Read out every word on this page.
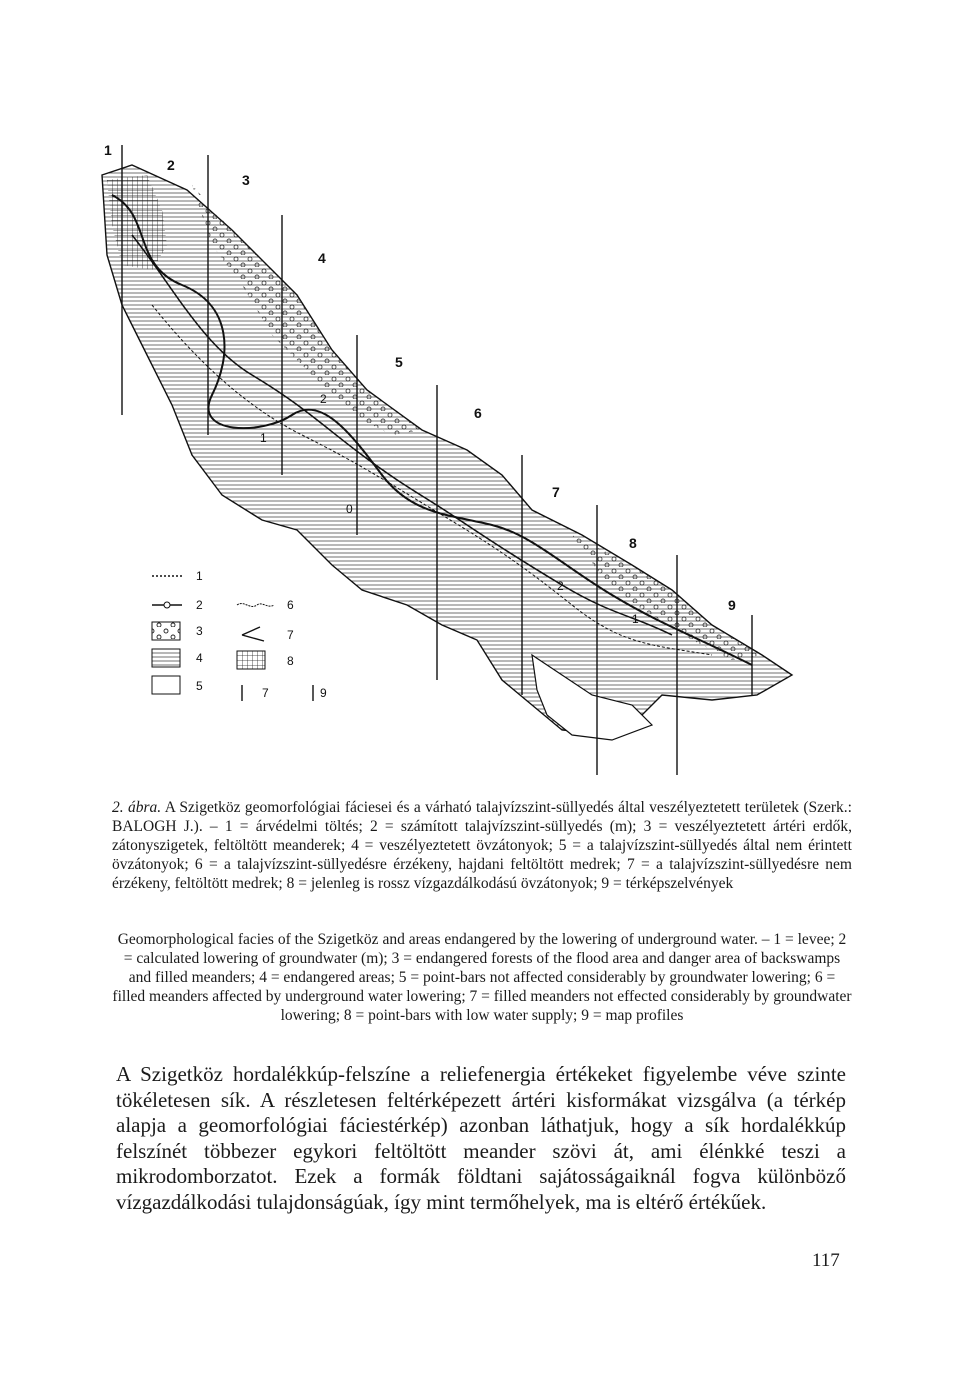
1
2
3
4
5
6
7
8
9
2
1
0
2
1
1
2
3
4
5
6
7
8
7	9
2. ábra. A Szigetköz geomorfológiai fáciesei és a várható talajvízszint-süllyedés által veszélyeztetett területek (Szerk.: BALOGH J.). – 1 = árvédelmi töltés; 2 = számított talajvízszint-süllyedés (m); 3 = veszélyeztetett ártéri erdők, zátonyszigetek, feltöltött meanderek; 4 = veszélyeztetett övzátonyok; 5 = a talajvízszint-süllyedés által nem érintett övzátonyok; 6 = a talajvízszint-süllyedésre érzékeny, hajdani feltöltött medrek; 7 = a talajvízszint-süllyedésre nem érzékeny, feltöltött medrek; 8 = jelenleg is rossz vízgazdálkodású övzátonyok; 9 = térképszelvények
Geomorphological facies of the Szigetköz and areas endangered by the lowering of underground water. – 1 = levee; 2 = calculated lowering of groundwater (m); 3 = endangered forests of the flood area and danger area of backswamps and filled meanders; 4 = endangered areas; 5 = point-bars not affected considerably by groundwater lowering; 6 = filled meanders affected by underground water lowering; 7 = filled meanders not effected considerably by groundwater lowering; 8 = point-bars with low water supply; 9 = map profiles
A Szigetköz hordalékkúp-felszíne a reliefenergia értékeket figyelembe véve szinte tökéletesen sík. A részletesen feltérképezett ártéri kisformákat vizsgálva (a térkép alapja a geomorfológiai fáciestérkép) azonban láthatjuk, hogy a sík hordalékkúp felszínét többezer egykori feltöltött meander szövi át, ami élénkké teszi a mikrodomborzatot. Ezek a formák földtani sajátosságaiknál fogva különböző vízgazdálkodási tulajdonságúak, így mint termőhelyek, ma is eltérő értékűek.
117
